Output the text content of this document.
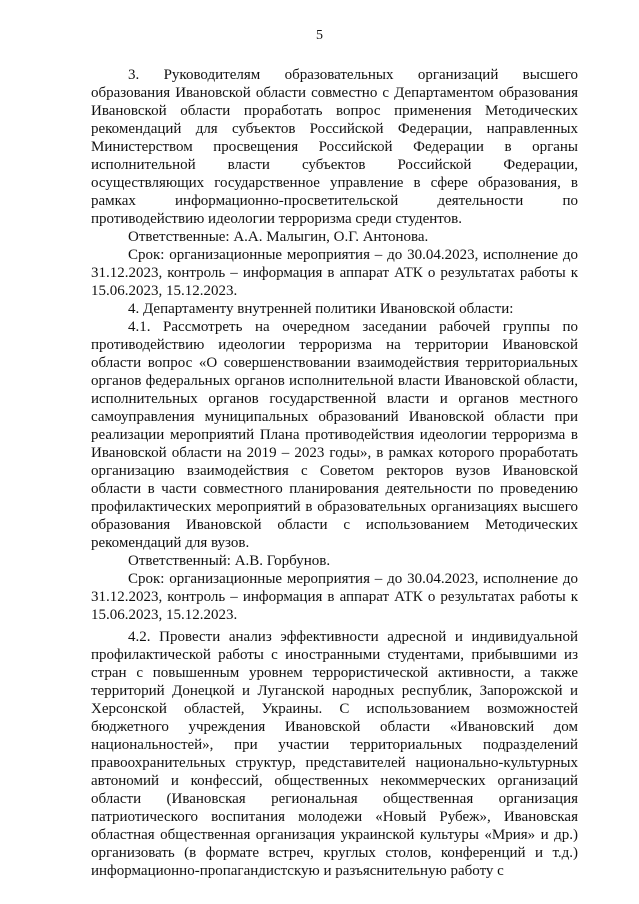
5

3. Руководителям образовательных организаций высшего образования Ивановской области совместно с Департаментом образования Ивановской области проработать вопрос применения Методических рекомендаций для субъектов Российской Федерации, направленных Министерством просвещения Российской Федерации в органы исполнительной власти субъектов Российской Федерации, осуществляющих государственное управление в сфере образования, в рамках информационно-просветительской деятельности по противодействию идеологии терроризма среди студентов.

Ответственные: А.А. Малыгин, О.Г. Антонова.

Срок: организационные мероприятия – до 30.04.2023, исполнение до 31.12.2023, контроль – информация в аппарат АТК о результатах работы к 15.06.2023, 15.12.2023.

4. Департаменту внутренней политики Ивановской области:

4.1. Рассмотреть на очередном заседании рабочей группы по противодействию идеологии терроризма на территории Ивановской области вопрос «О совершенствовании взаимодействия территориальных органов федеральных органов исполнительной власти Ивановской области, исполнительных органов государственной власти и органов местного самоуправления муниципальных образований Ивановской области при реализации мероприятий Плана противодействия идеологии терроризма в Ивановской области на 2019 – 2023 годы», в рамках которого проработать организацию взаимодействия с Советом ректоров вузов Ивановской области в части совместного планирования деятельности по проведению профилактических мероприятий в образовательных организациях высшего образования Ивановской области с использованием Методических рекомендаций для вузов.

Ответственный: А.В. Горбунов.

Срок: организационные мероприятия – до 30.04.2023, исполнение до 31.12.2023, контроль – информация в аппарат АТК о результатах работы к 15.06.2023, 15.12.2023.

4.2. Провести анализ эффективности адресной и индивидуальной профилактической работы с иностранными студентами, прибывшими из стран с повышенным уровнем террористической активности, а также территорий Донецкой и Луганской народных республик, Запорожской и Херсонской областей, Украины. С использованием возможностей бюджетного учреждения Ивановской области «Ивановский дом национальностей», при участии территориальных подразделений правоохранительных структур, представителей национально-культурных автономий и конфессий, общественных некоммерческих организаций области (Ивановская региональная общественная организация патриотического воспитания молодежи «Новый Рубеж», Ивановская областная общественная организация украинской культуры «Мрия» и др.) организовать (в формате встреч, круглых столов, конференций и т.д.) информационно-пропагандистскую и разъяснительную работу с
